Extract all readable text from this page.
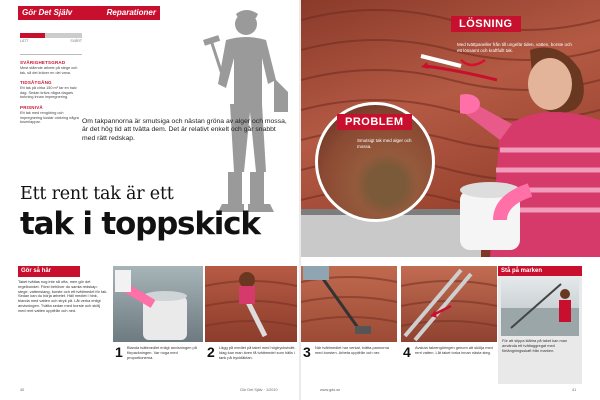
Gör Det Själv	Reparationer
LÄTT	SVÅRT
SVÅRIGHETSGRAD
Mest stående arbete på stege och tak, så det kräver en del vana.
TIDSÅTGÅNG
Ett tak på cirka 150 m² tar en halv dag. Sedan krävs några dagars torkning innan impregnering.
PRISNIVÅ
Ett tak med rengöring och impregnering kostar omkring några tusenlappar.	Om takpannorna är smutsiga och nästan gröna av alger och mossa, är det hög tid att tvätta dem. Det är relativt enkelt och går snabbt med rätt redskap.
Ett rent tak är ett
tak i toppskick
LÖSNING
Med tvättpaneller från till ungefär tiden, vatten, borste och ett lönsamt och kraftfullt tak.
PROBLEM
Smutsigt tak med alger och mossa.
Gör så här
Taket tvättas nog inte så ofta, men gör det regelbundet. Först behöver du samla redskap: stege, vattenslang, borste och ett tvättmedel för tak. Sedan kan du börja arbetet. Häll medlet i hink, blanda med vatten och stryk på. Låt verka enligt anvisningen. Tvätta sedan med borste och skölj med rent vatten uppifrån och ned.
1 Blanda tvättmedlet enligt anvisningen på förpackningen. Var noga med proportionerna.	2 Lägg på medlet på taket med högtryckstvätt. Idag kan man även få tvättmedel som hälls i tank på tryckfäktan.	3 När tvättmedlet har verkat, tvätta pannorna med borsten. Arbeta uppifrån och ner.	4 Avsluta takrengöringen genom att skölja med rent vatten. Låt taket torka innan nästa steg.
Stå på marken
För att slippa klättra på taket kan man använda ett tvättaggregat med förlängningsskaft från marken.
40	Gör Det Själv · 1/2010	www.gds.se	41
